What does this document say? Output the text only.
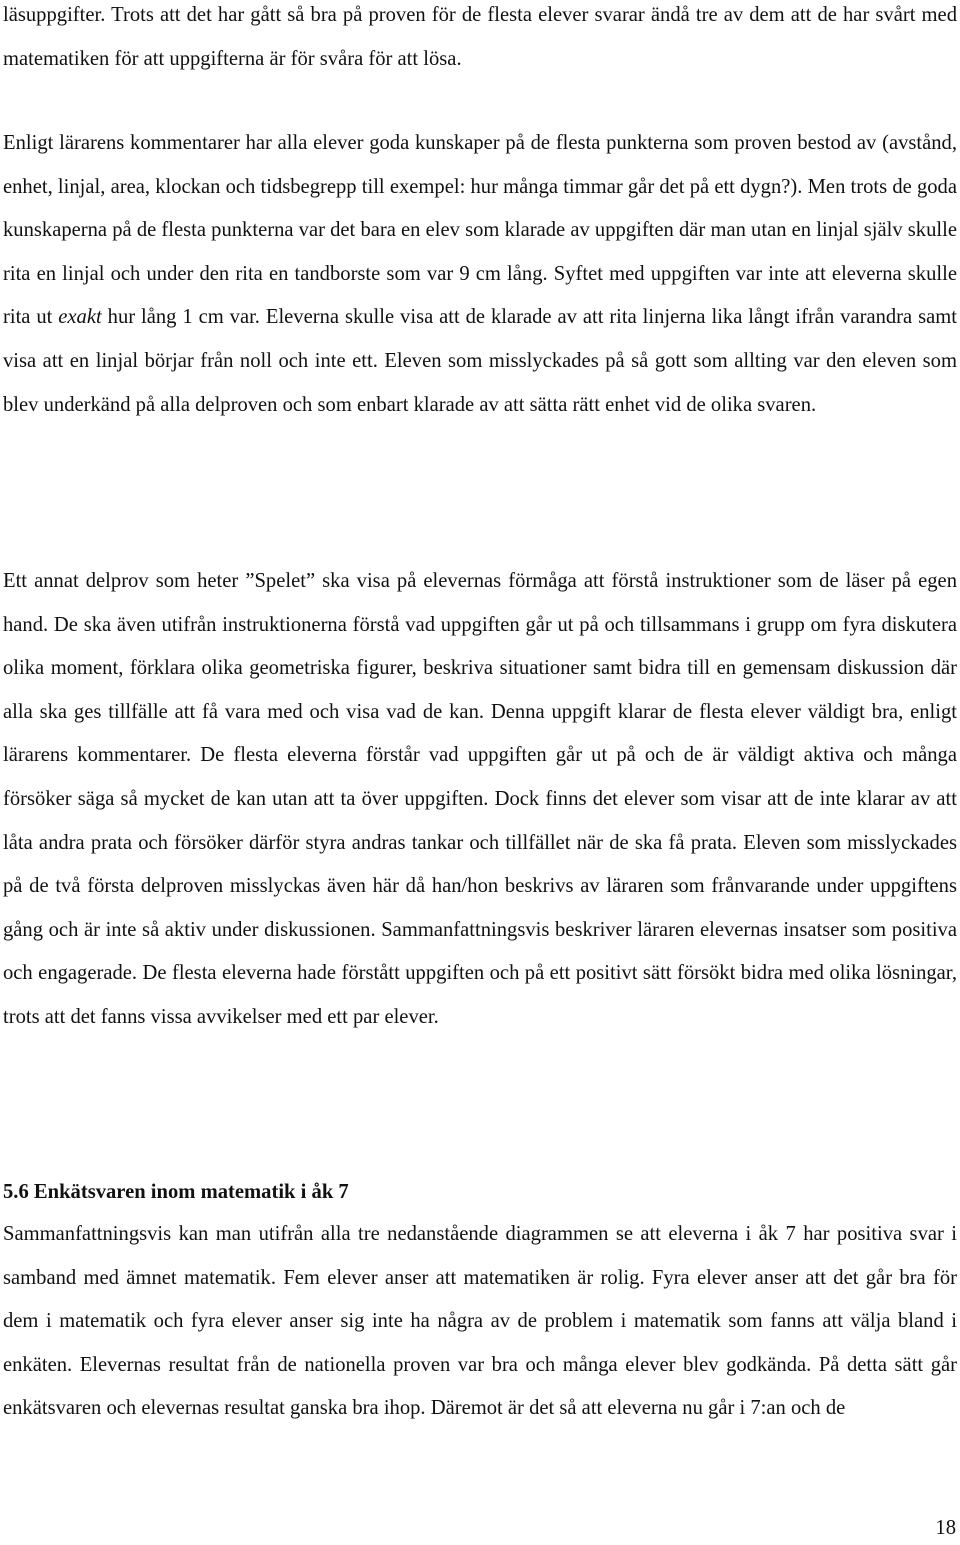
läsuppgifter. Trots att det har gått så bra på proven för de flesta elever svarar ändå tre av dem att de har svårt med matematiken för att uppgifterna är för svåra för att lösa.

Enligt lärarens kommentarer har alla elever goda kunskaper på de flesta punkterna som proven bestod av (avstånd, enhet, linjal, area, klockan och tidsbegrepp till exempel: hur många timmar går det på ett dygn?). Men trots de goda kunskaperna på de flesta punkterna var det bara en elev som klarade av uppgiften där man utan en linjal själv skulle rita en linjal och under den rita en tandborste som var 9 cm lång. Syftet med uppgiften var inte att eleverna skulle rita ut exakt hur lång 1 cm var. Eleverna skulle visa att de klarade av att rita linjerna lika långt ifrån varandra samt visa att en linjal börjar från noll och inte ett. Eleven som misslyckades på så gott som allting var den eleven som blev underkänd på alla delproven och som enbart klarade av att sätta rätt enhet vid de olika svaren.

Ett annat delprov som heter ”Spelet” ska visa på elevernas förmåga att förstå instruktioner som de läser på egen hand. De ska även utifrån instruktionerna förstå vad uppgiften går ut på och tillsammans i grupp om fyra diskutera olika moment, förklara olika geometriska figurer, beskriva situationer samt bidra till en gemensam diskussion där alla ska ges tillfälle att få vara med och visa vad de kan. Denna uppgift klarar de flesta elever väldigt bra, enligt lärarens kommentarer. De flesta eleverna förstår vad uppgiften går ut på och de är väldigt aktiva och många försöker säga så mycket de kan utan att ta över uppgiften. Dock finns det elever som visar att de inte klarar av att låta andra prata och försöker därför styra andras tankar och tillfället när de ska få prata. Eleven som misslyckades på de två första delproven misslyckas även här då han/hon beskrivs av läraren som frånvarande under uppgiftens gång och är inte så aktiv under diskussionen. Sammanfattningsvis beskriver läraren elevernas insatser som positiva och engagerade. De flesta eleverna hade förstått uppgiften och på ett positivt sätt försökt bidra med olika lösningar, trots att det fanns vissa avvikelser med ett par elever.

5.6 Enkätsvaren inom matematik i åk 7

Sammanfattningsvis kan man utifrån alla tre nedanstående diagrammen se att eleverna i åk 7 har positiva svar i samband med ämnet matematik. Fem elever anser att matematiken är rolig. Fyra elever anser att det går bra för dem i matematik och fyra elever anser sig inte ha några av de problem i matematik som fanns att välja bland i enkäten. Elevernas resultat från de nationella proven var bra och många elever blev godkända. På detta sätt går enkätsvaren och elevernas resultat ganska bra ihop. Däremot är det så att eleverna nu går i 7:an och de

18
